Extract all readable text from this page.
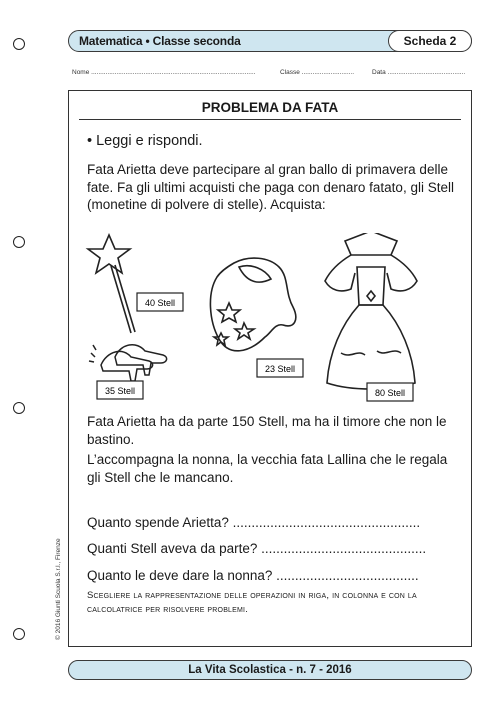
Matematica • Classe seconda	Scheda 2
Nome ...........................................................................................	Classe .............................	Data ...........................................
© 2016 Giunti Scuola S.r.l., Firenze
PROBLEMA DA FATA
• Leggi e rispondi.
Fata Arietta deve partecipare al gran ballo di primavera delle fate. Fa gli ultimi acquisti che paga con denaro fatato, gli Stell (monetine di polvere di stelle). Acquista:
40 Stell
35 Stell
23 Stell
80 Stell
Fata Arietta ha da parte 150 Stell, ma ha il timore che non le bastino.
L’accompagna la nonna, la vecchia fata Lallina che le regala gli Stell che le mancano.
Quanto spende Arietta? ..................................................
Quanti Stell aveva da parte? ............................................
Quanto le deve dare la nonna? ......................................
Scegliere la rappresentazione delle operazioni in riga, in colonna e con la calcolatrice per risolvere problemi.
La Vita Scolastica - n. 7 - 2016
